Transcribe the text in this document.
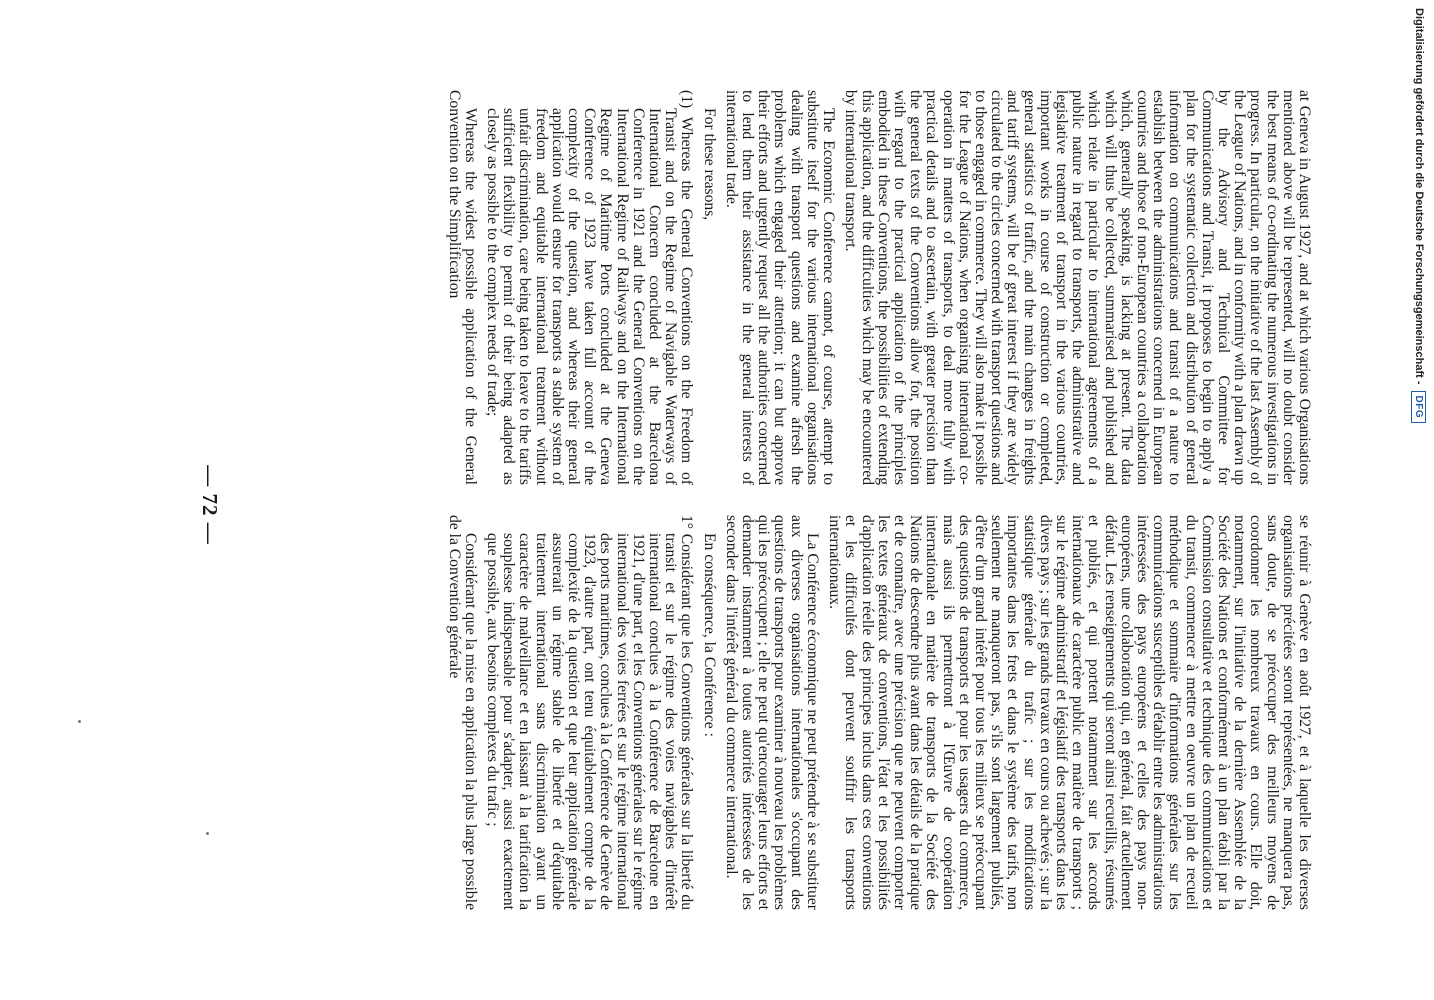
at Geneva in August 1927, and at which various Organisations mentioned above will be represented, will no doubt consider the best means of co-ordinating the numerous investigations in progress. In particular, on the initiative of the last Assembly of the League of Nations, and in conformity with a plan drawn up by the Advisory and Technical Committee for Communications and Transit, it proposes to begin to apply a plan for the systematic collection and distribution of general information on communications and transit of a nature to establish between the administrations concerned in European countries and those of non-European countries a collaboration which, generally speaking, is lacking at present. The data which will thus be collected, summarised and published and which relate in particular to international agreements of a public nature in regard to transports, the administrative and legislative treatment of transport in the various countries, important works in course of construction or completed, general statistics of traffic, and the main changes in freights and tariff systems, will be of great interest if they are widely circulated to the circles concerned with transport questions and to those engaged in commerce. They will also make it possible for the League of Nations, when organising international co-operation in matters of transports, to deal more fully with practical details and to ascertain, with greater precision than the general texts of the Conventions allow for, the position with regard to the practical application of the principles embodied in these Conventions, the possibilities of extending this application, and the difficulties which may be encountered by international transport.

The Economic Conference cannot, of course, attempt to substitute itself for the various international organisations dealing with transport questions and examine afresh the problems which engaged their attention; it can but approve their efforts and urgently request all the authorities concerned to lend them their assistance in the general interests of international trade.

For these reasons,

(1) Whereas the General Conventions on the Freedom of Transit and on the Regime of Navigable Waterways of International Concern concluded at the Barcelona Conference in 1921 and the General Conventions on the International Regime of Railways and on the International Regime of Maritime Ports concluded at the Geneva Conference of 1923 have taken full account of the complexity of the question, and whereas their general application would ensure for transports a stable system of freedom and equitable international treatment without unfair discrimination, care being taken to leave to the tariffs sufficient flexibility to permit of their being adapted as closely as possible to the complex needs of trade;

Whereas the widest possible application of the General Convention on the Simplification

se réunir à Genève en août 1927, et à laquelle les diverses organisations précitées seront représentées, ne manquera pas, sans doute, de se préoccuper des meilleurs moyens de coordonner les nombreux travaux en cours. Elle doit, notamment, sur l'initiative de la dernière Assemblée de la Société des Nations et conformément à un plan établi par la Commission consultative et technique des communications et du transit, commencer à mettre en oeuvre un plan de recueil méthodique et sommaire d'informations générales sur les communications susceptibles d'établir entre les administrations intéressées des pays européens et celles des pays non-européens, une collaboration qui, en général, fait actuellement défaut. Les renseignements qui seront ainsi recueillis, résumés et publiés, et qui portent notamment sur les accords internationaux de caractère public en matière de transports ; sur le régime administratif et législatif des transports dans les divers pays ; sur les grands travaux en cours ou achevés ; sur la statistique générale du trafic ; sur les modifications importantes dans les frets et dans le système des tarifs, non seulement ne manqueront pas, s'ils sont largement publiés, d'être d'un grand intérêt pour tous les milieux se préoccupant des questions de transports et pour les usagers du commerce, mais aussi ils permettront à l'Œuvre de coopération internationale en matière de transports de la Société des Nations de descendre plus avant dans les détails de la pratique et de connaître, avec une précision que ne peuvent comporter les textes généraux de conventions, l'état et les possibilités d'application réelle des principes inclus dans ces conventions et les difficultés dont peuvent souffrir les transports internationaux.

La Conférence économique ne peut prétendre à se substituer aux diverses organisations internationales s'occupant des questions de transports pour examiner à nouveau les problèmes qui les préoccupent ; elle ne peut qu'encourager leurs efforts et demander instamment à toutes autorités intéressées de les seconder dans l'intérêt général du commerce international.

En conséquence, la Conférence :

1° Considérant que les Conventions générales sur la liberté du transit et sur le régime des voies navigables d'intérêt international conclues à la Conférence de Barcelone en 1921, d'une part, et les Conventions générales sur le régime international des voies ferrées et sur le régime international des ports maritimes, conclues à la Conférence de Genève de 1923, d'autre part, ont tenu équitablement compte de la complexité de la question et que leur application générale assurerait un régime stable de liberté et d'équitable traitement international sans discrimination ayant un caractère de malveillance et en laissant à la tarification la souplesse indispensable pour s'adapter, aussi exactement que possible, aux besoins complexes du trafic ;

Considérant que la mise en application la plus large possible de la Convention générale

— 72 —
Digitalisierung gefördert durch die Deutsche Forschungsgemeinschaft -
DFG
